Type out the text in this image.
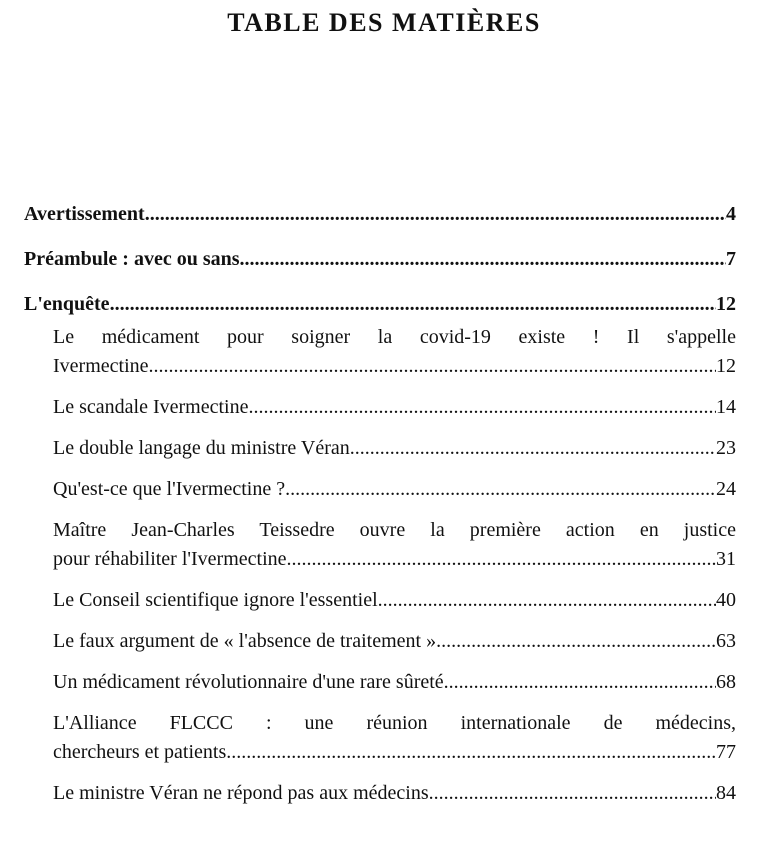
TABLE DES MATIÈRES
Avertissement .....	4
Préambule : avec ou sans .....	7
L'enquête .....	12
Le médicament pour soigner la covid-19 existe ! Il s'appelle
Ivermectine .....	12
Le scandale Ivermectine .....	14
Le double langage du ministre Véran .....	23
Qu'est-ce que l'Ivermectine ? .....	24
Maître Jean-Charles Teissedre ouvre la première action en justice
pour réhabiliter l'Ivermectine .....	31
Le Conseil scientifique ignore l'essentiel .....	40
Le faux argument de « l'absence de traitement » .....	63
Un médicament révolutionnaire d'une rare sûreté .....	68
L'Alliance FLCCC : une réunion internationale de médecins,
chercheurs et patients .....	77
Le ministre Véran ne répond pas aux médecins .....	84
